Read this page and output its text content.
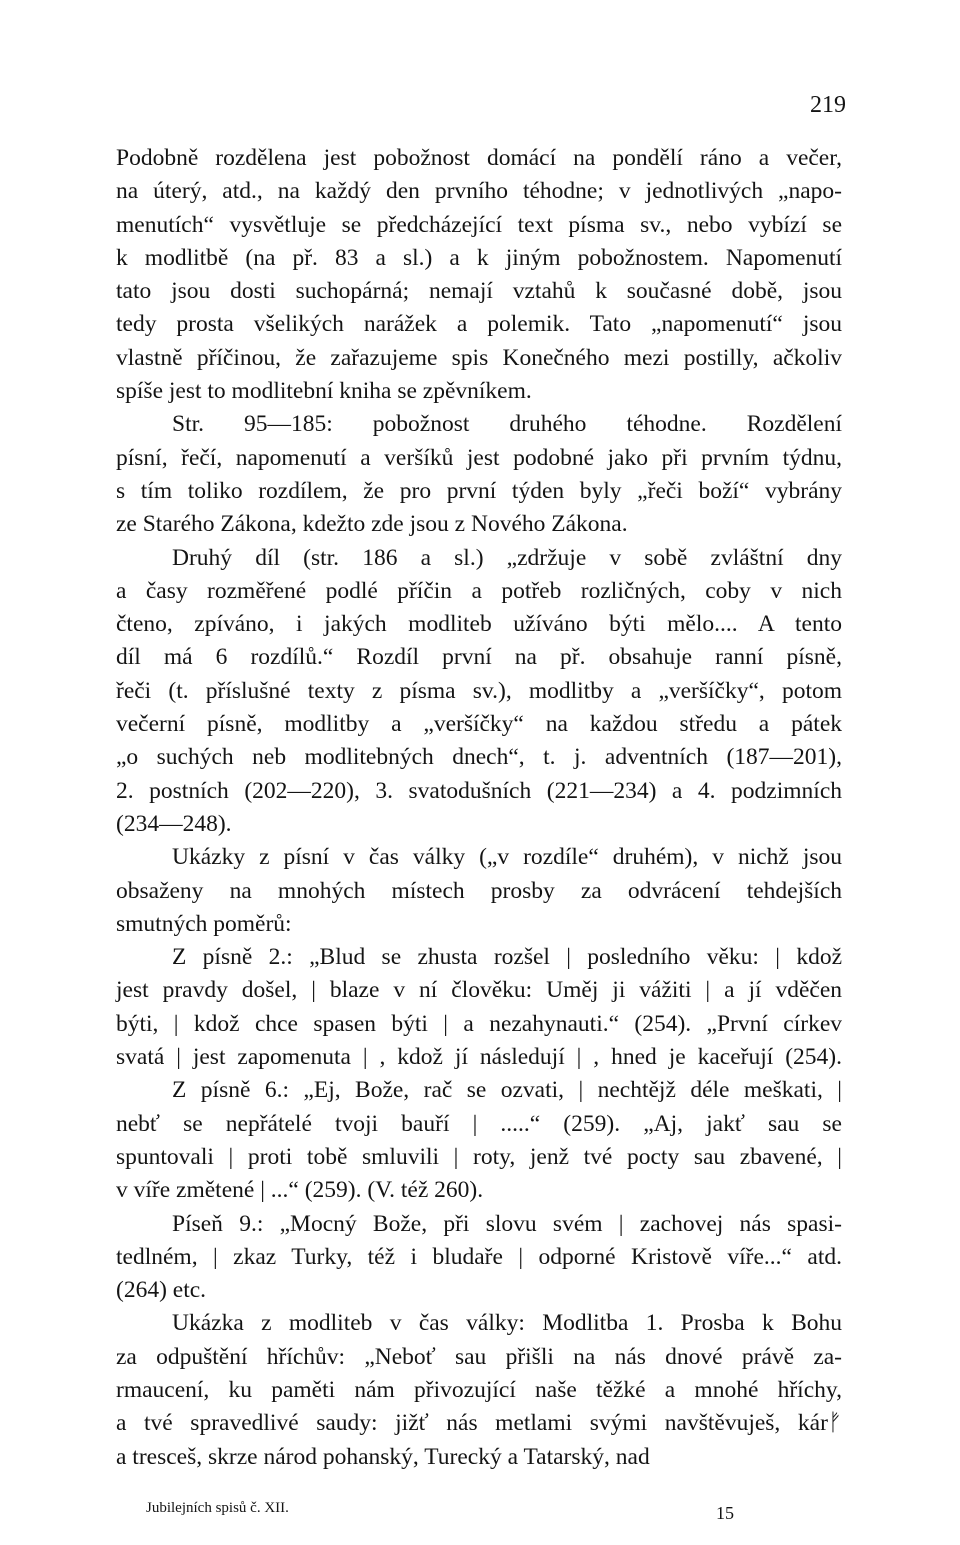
219
Podobně rozdělena jest pobožnost domácí na pondělí ráno a večer,
na úterý, atd., na každý den prvního téhodne; v jednotlivých „napo-
menutích“ vysvětluje se předcházející text písma sv., nebo vybízí se
k modlitbě (na př. 83 a sl.) a k jiným pobožnostem. Napomenutí
tato jsou dosti suchopárná; nemají vztahů k současné době, jsou
tedy prosta všelikých narážek a polemik. Tato „napomenutí“ jsou
vlastně příčinou, že zařazujeme spis Konečného mezi postilly, ačkoliv
spíše jest to modlitební kniha se zpěvníkem.
Str. 95—185: pobožnost druhého téhodne. Rozdělení
písní, řečí, napomenutí a veršíků jest podobné jako při prvním týdnu,
s tím toliko rozdílem, že pro první týden byly „řeči boží“ vybrány
ze Starého Zákona, kdežto zde jsou z Nového Zákona.
Druhý díl (str. 186 a sl.) „zdržuje v sobě zvláštní dny
a časy rozměřené podlé příčin a potřeb rozličných, coby v nich
čteno, zpíváno, i jakých modliteb užíváno býti mělo.... A tento
díl má 6 rozdílů.“ Rozdíl první na př. obsahuje ranní písně,
řeči (t. příslušné texty z písma sv.), modlitby a „veršíčky“, potom
večerní písně, modlitby a „veršíčky“ na každou středu a pátek
„o suchých neb modlitebných dnech“, t. j. adventních (187—201),
2. postních (202—220), 3. svatodušních (221—234) a 4. podzimních
(234—248).
Ukázky z písní v čas války („v rozdíle“ druhém), v nichž jsou
obsaženy na mnohých místech prosby za odvrácení tehdejších
smutných poměrů:
Z písně 2.: „Blud se zhusta rozšel | posledního věku: | kdož
jest pravdy došel, | blaze v ní člověku: Uměj ji vážiti | a jí vděčen
býti, | kdož chce spasen býti | a nezahynauti.“ (254). „První církev
svatá | jest zapomenuta | , kdož jí následují | , hned je kaceřují (254).
Z písně 6.: „Ej, Bože, rač se ozvati, | nechtějž déle meškati, |
nebť se nepřátelé tvoji bauří | .....“ (259). „Aj, jakť sau se
spuntovali | proti tobě smluvili | roty, jenž tvé pocty sau zbavené, |
v víře změtené | ...“ (259). (V. též 260).
Píseň 9.: „Mocný Bože, při slovu svém | zachovej nás spasi-
tedlném, | zkaz Turky, též i bludaře | odporné Kristově víře...“ atd.
(264) etc.
Ukázka z modliteb v čas války: Modlitba 1. Prosba k Bohu
za odpuštění hříchův: „Neboť sau přišli na nás dnové právě za-
rmaucení, ku paměti nám přivozující naše těžké a mnohé hříchy,
a tvé spravedlivé saudy: jižť nás metlami svými navštěvuješ, kárᚠ
a tresceš, skrze národ pohanský, Turecký a Tatarský, nad
Jubilejních spisů č. XII.	15
